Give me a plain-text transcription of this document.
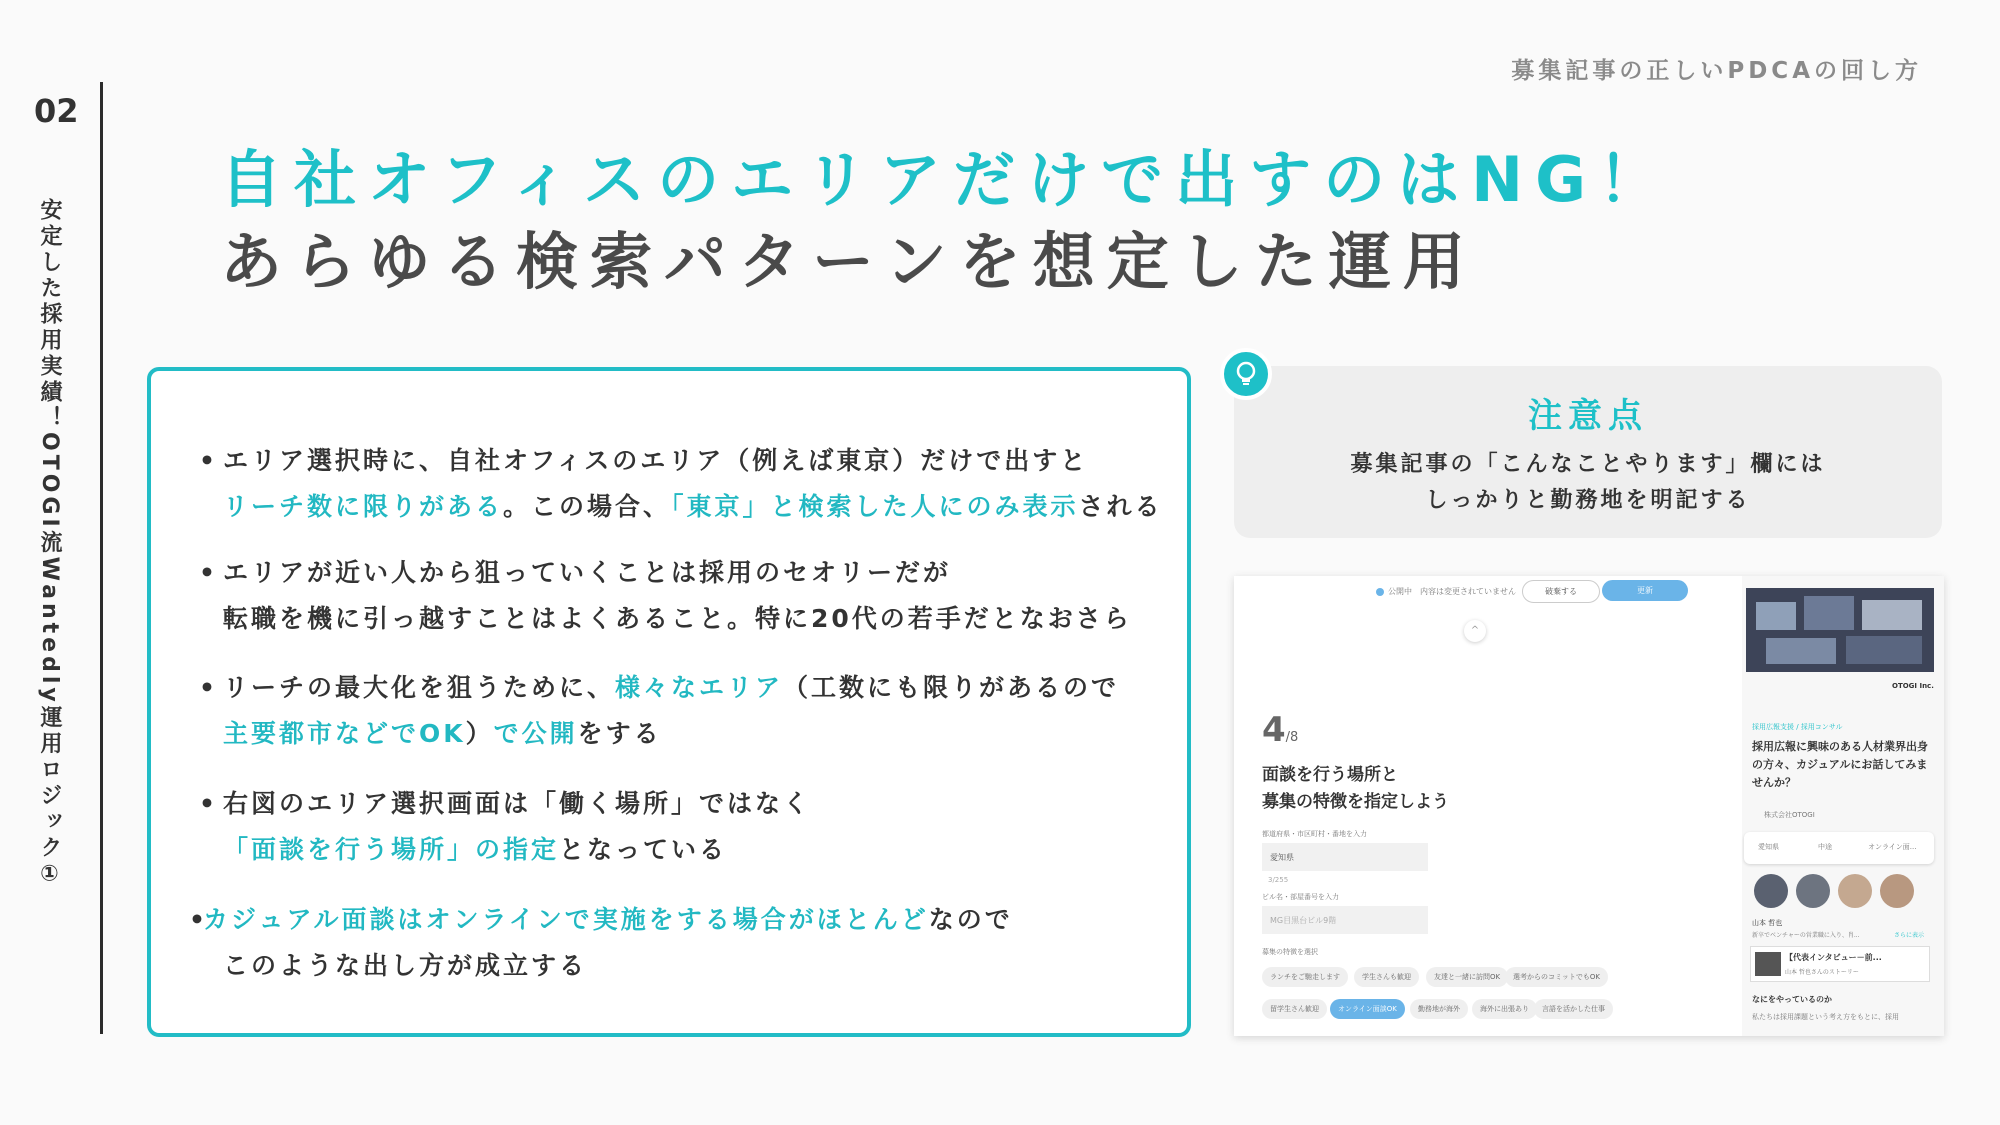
募集記事の正しいPDCAの回し方
02
安定した採用実績！OTOGI流Wantedly運用ロジック①
自社オフィスのエリアだけで出すのはNG！
あらゆる検索パターンを想定した運用
• エリア選択時に、自社オフィスのエリア（例えば東京）だけで出すと
リーチ数に限りがある。この場合、「東京」と検索した人にのみ表示される
• エリアが近い人から狙っていくことは採用のセオリーだが
転職を機に引っ越すことはよくあること。特に20代の若手だとなおさら
• リーチの最大化を狙うために、様々なエリア（工数にも限りがあるので
主要都市などでOK）で公開をする
• 右図のエリア選択画面は「働く場所」ではなく
「面談を行う場所」の指定となっている
•カジュアル面談はオンラインで実施をする場合がほとんどなので
このような出し方が成立する
注意点
募集記事の「こんなことやります」欄には
しっかりと勤務地を明記する
公開中　内容は変更されていません	破棄する	更新
^
4/8
面談を行う場所と
募集の特徴を指定しよう
都道府県・市区町村・番地を入力
愛知県
3/255
ビル名・部屋番号を入力
MG目黒台ビル9階
募集の特徴を選択
ランチをご馳走します	学生さんも歓迎	友達と一緒に訪問OK	選考からのコミットでもOK
留学生さん歓迎	オンライン面談OK	勤務地が海外	海外に出張あり	言語を活かした仕事
OTOGI Inc.
採用広報支援 / 採用コンサル
採用広報に興味のある人材業界出身の方々、カジュアルにお話してみませんか？
株式会社OTOGI
愛知県	中途	オンライン面...
山本 哲也
新卒でベンチャーの営業職に入り、肖...	さらに表示
【代表インタビュー－前...
山本 哲也さんのストーリー
なにをやっているのか
私たちは採用課題という考え方をもとに、採用
